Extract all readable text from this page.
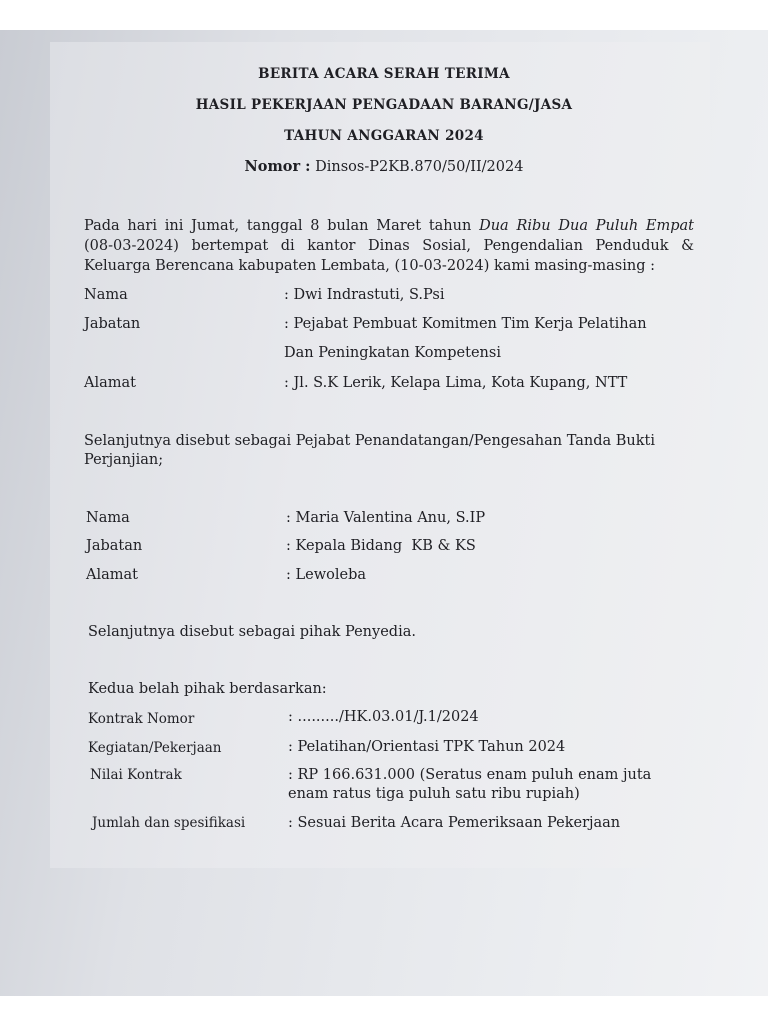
BERITA ACARA SERAH TERIMA
HASIL PEKERJAAN PENGADAAN BARANG/JASA
TAHUN ANGGARAN 2024
Nomor : Dinsos-P2KB.870/50/II/2024
Pada hari ini Jumat, tanggal 8 bulan Maret tahun Dua Ribu Dua Puluh Empat
(08-03-2024) bertempat di kantor Dinas Sosial, Pengendalian Penduduk &
Keluarga Berencana kabupaten Lembata, (10-03-2024) kami masing-masing :
Nama	: Dwi Indrastuti, S.Psi
Jabatan	: Pejabat Pembuat Komitmen Tim Kerja Pelatihan
Dan Peningkatan Kompetensi
Alamat	: Jl. S.K Lerik, Kelapa Lima, Kota Kupang, NTT
Selanjutnya disebut sebagai Pejabat Penandatangan/Pengesahan Tanda Bukti
Perjanjian;
Nama	: Maria Valentina Anu, S.IP
Jabatan	: Kepala Bidang  KB & KS
Alamat	: Lewoleba
Selanjutnya disebut sebagai pihak Penyedia.
Kedua belah pihak berdasarkan:
Kontrak Nomor	: ........./HK.03.01/J.1/2024
Kegiatan/Pekerjaan	: Pelatihan/Orientasi TPK Tahun 2024
Nilai Kontrak	: RP 166.631.000 (Seratus enam puluh enam juta
enam ratus tiga puluh satu ribu rupiah)
Jumlah dan spesifikasi	: Sesuai Berita Acara Pemeriksaan Pekerjaan
